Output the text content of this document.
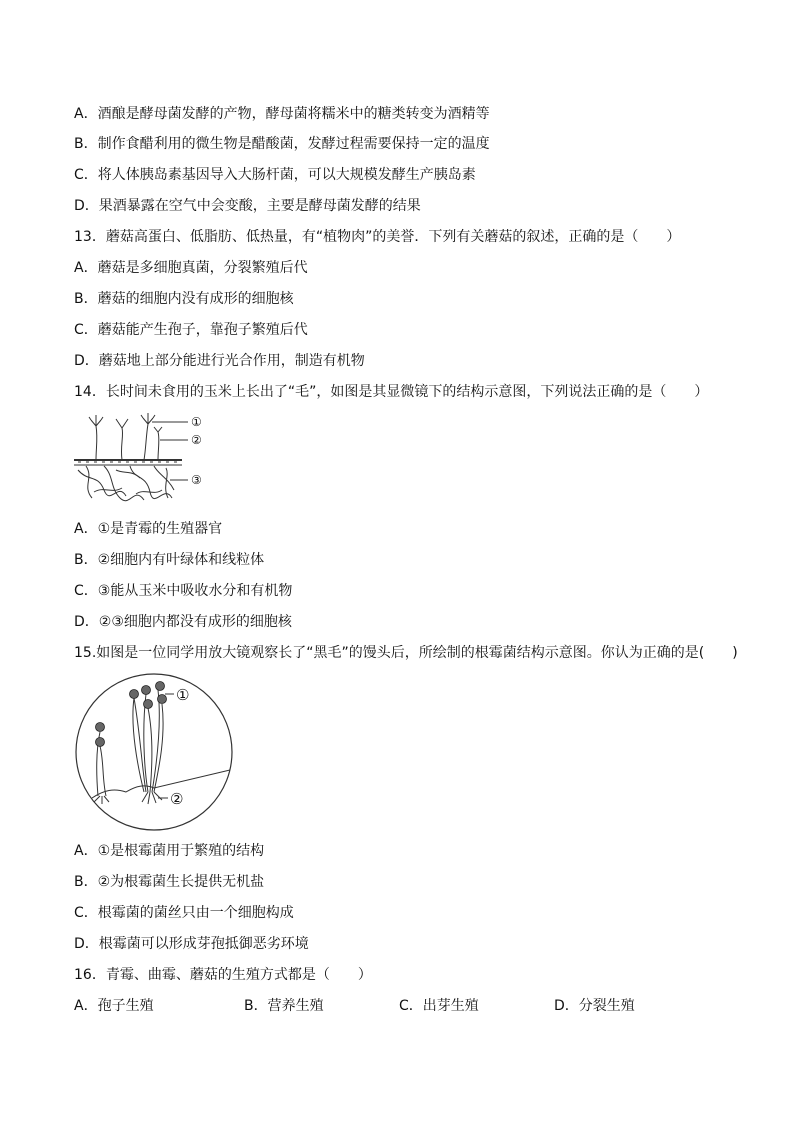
A．酒酿是酵母菌发酵的产物，酵母菌将糯米中的糖类转变为酒精等
B．制作食醋利用的微生物是醋酸菌，发酵过程需要保持一定的温度
C．将人体胰岛素基因导入大肠杆菌，可以大规模发酵生产胰岛素
D．果酒暴露在空气中会变酸，主要是酵母菌发酵的结果
13．蘑菇高蛋白、低脂肪、低热量，有“植物肉”的美誉．下列有关蘑菇的叙述，正确的是（　　）
A．蘑菇是多细胞真菌，分裂繁殖后代
B．蘑菇的细胞内没有成形的细胞核
C．蘑菇能产生孢子，靠孢子繁殖后代
D．蘑菇地上部分能进行光合作用，制造有机物
14．长时间未食用的玉米上长出了“毛”，如图是其显微镜下的结构示意图，下列说法正确的是（　　）
①
②
③
A．①是青霉的生殖器官
B．②细胞内有叶绿体和线粒体
C．③能从玉米中吸收水分和有机物
D．②③细胞内都没有成形的细胞核
15.如图是一位同学用放大镜观察长了“黑毛”的馒头后，所绘制的根霉菌结构示意图。你认为正确的是(　　)
①
②
A．①是根霉菌用于繁殖的结构
B．②为根霉菌生长提供无机盐
C．根霉菌的菌丝只由一个细胞构成
D．根霉菌可以形成芽孢抵御恶劣环境
16．青霉、曲霉、蘑菇的生殖方式都是（　　）
A．孢子生殖	B．营养生殖	C．出芽生殖	D．分裂生殖
